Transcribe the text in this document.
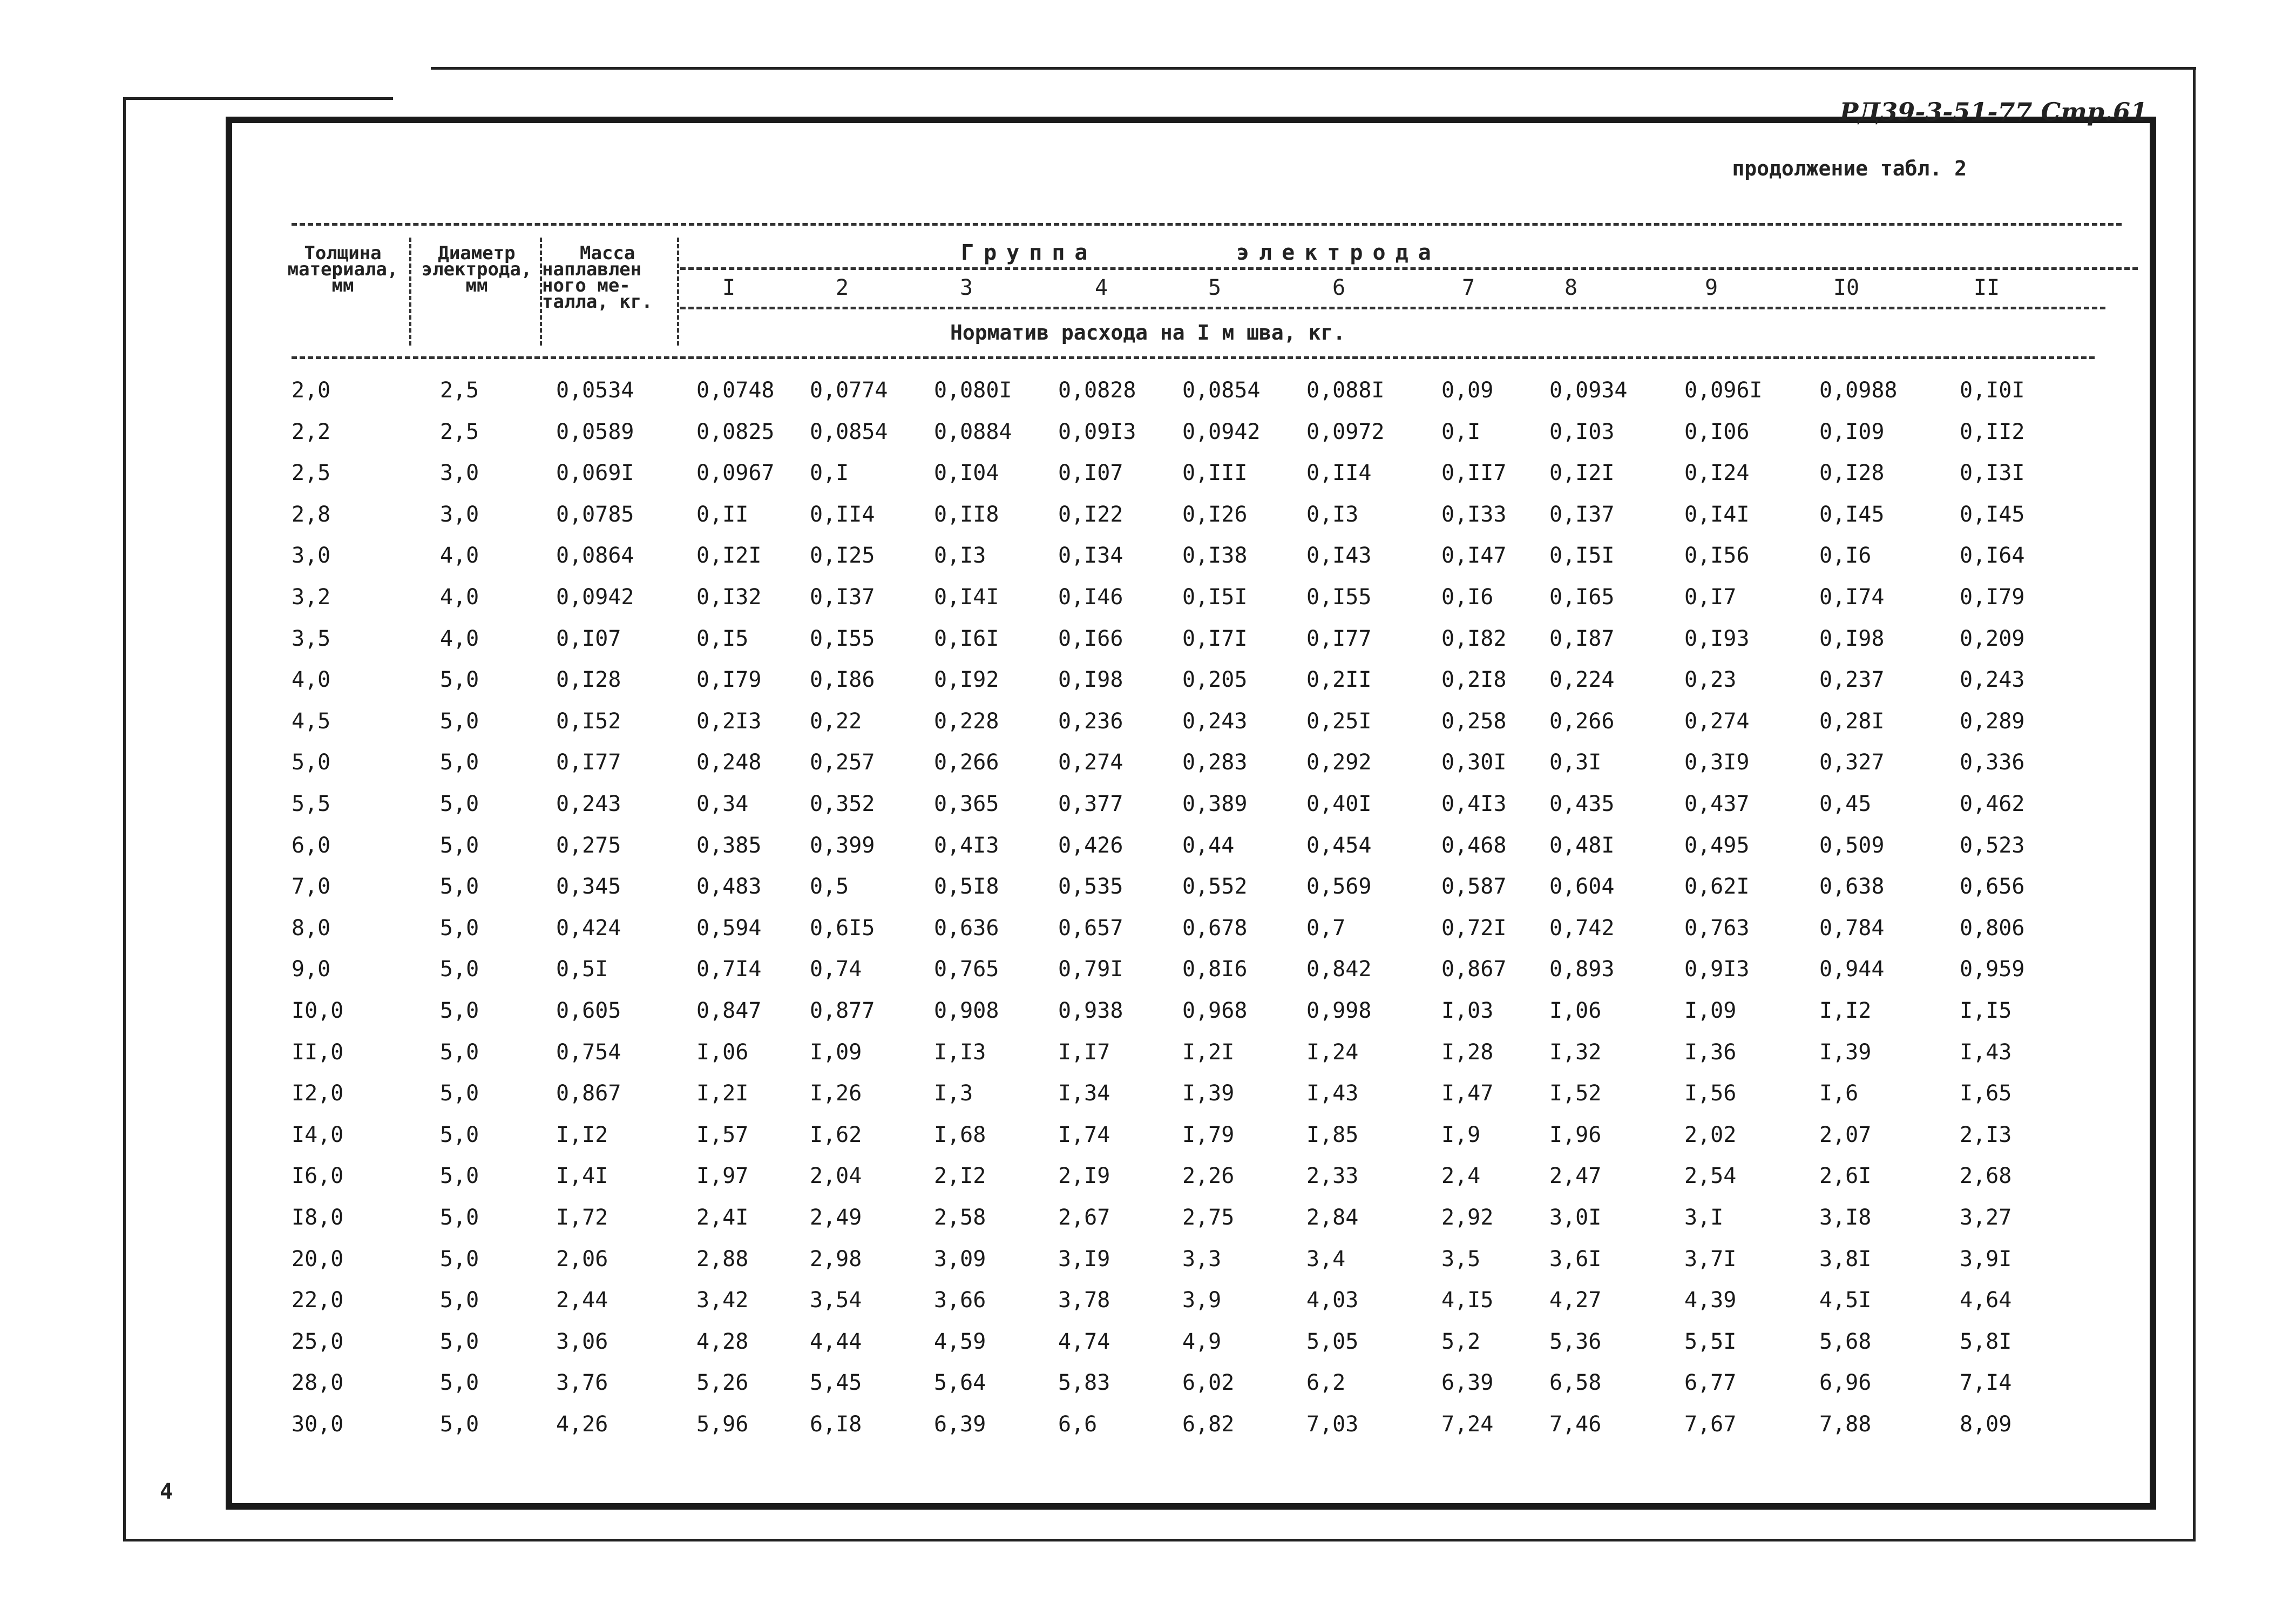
РД39-3-51-77 Стр.61
продолжение табл. 2
4
Толщина
материала,
мм
Диаметр
электрода,
мм
Масса
наплавлен
ного ме-
талла, кг.
Группа	электрода
I	2	3	4	5	6	7	8	9	I0	II
Норматив расхода на I м шва, кг.
2,0	2,5	0,0534	0,0748 0,0774 0,080I 0,0828 0,0854 0,088I	0,09	0,0934	0,096I	0,0988	0,I0I
2,2	2,5	0,0589	0,0825 0,0854 0,0884 0,09I3 0,0942 0,0972	0,I	0,I03	0,I06	0,I09	0,II2
2,5	3,0	0,069I	0,0967 0,I	0,I04	0,I07	0,III	0,II4	0,II7 0,I2I	0,I24	0,I28	0,I3I
2,8	3,0	0,0785	0,II	0,II4	0,II8	0,I22	0,I26	0,I3	0,I33 0,I37	0,I4I	0,I45	0,I45
3,0	4,0	0,0864	0,I2I 0,I25	0,I3	0,I34	0,I38	0,I43	0,I47 0,I5I	0,I56	0,I6	0,I64
3,2	4,0	0,0942	0,I32 0,I37	0,I4I	0,I46	0,I5I	0,I55	0,I6	0,I65	0,I7	0,I74	0,I79
3,5	4,0	0,I07	0,I5	0,I55	0,I6I	0,I66	0,I7I	0,I77	0,I82 0,I87	0,I93	0,I98	0,209
4,0	5,0	0,I28	0,I79 0,I86	0,I92	0,I98	0,205	0,2II	0,2I8 0,224	0,23	0,237	0,243
4,5	5,0	0,I52	0,2I3 0,22	0,228	0,236	0,243	0,25I	0,258 0,266	0,274	0,28I	0,289
5,0	5,0	0,I77	0,248 0,257	0,266	0,274	0,283	0,292	0,30I 0,3I	0,3I9	0,327	0,336
5,5	5,0	0,243	0,34	0,352	0,365	0,377	0,389	0,40I	0,4I3 0,435	0,437	0,45	0,462
6,0	5,0	0,275	0,385 0,399	0,4I3	0,426	0,44	0,454	0,468 0,48I	0,495	0,509	0,523
7,0	5,0	0,345	0,483 0,5	0,5I8	0,535	0,552	0,569	0,587 0,604	0,62I	0,638	0,656
8,0	5,0	0,424	0,594 0,6I5	0,636	0,657	0,678	0,7	0,72I 0,742	0,763	0,784	0,806
9,0	5,0	0,5I	0,7I4 0,74	0,765	0,79I	0,8I6	0,842	0,867 0,893	0,9I3	0,944	0,959
I0,0	5,0	0,605	0,847 0,877	0,908	0,938	0,968	0,998	I,03	I,06	I,09	I,I2	I,I5
II,0	5,0	0,754	I,06	I,09	I,I3	I,I7	I,2I	I,24	I,28	I,32	I,36	I,39	I,43
I2,0	5,0	0,867	I,2I	I,26	I,3	I,34	I,39	I,43	I,47	I,52	I,56	I,6	I,65
I4,0	5,0	I,I2	I,57	I,62	I,68	I,74	I,79	I,85	I,9	I,96	2,02	2,07	2,I3
I6,0	5,0	I,4I	I,97	2,04	2,I2	2,I9	2,26	2,33	2,4	2,47	2,54	2,6I	2,68
I8,0	5,0	I,72	2,4I	2,49	2,58	2,67	2,75	2,84	2,92	3,0I	3,I	3,I8	3,27
20,0	5,0	2,06	2,88	2,98	3,09	3,I9	3,3	3,4	3,5	3,6I	3,7I	3,8I	3,9I
22,0	5,0	2,44	3,42	3,54	3,66	3,78	3,9	4,03	4,I5	4,27	4,39	4,5I	4,64
25,0	5,0	3,06	4,28	4,44	4,59	4,74	4,9	5,05	5,2	5,36	5,5I	5,68	5,8I
28,0	5,0	3,76	5,26	5,45	5,64	5,83	6,02	6,2	6,39	6,58	6,77	6,96	7,I4
30,0	5,0	4,26	5,96	6,I8	6,39	6,6	6,82	7,03	7,24	7,46	7,67	7,88	8,09
